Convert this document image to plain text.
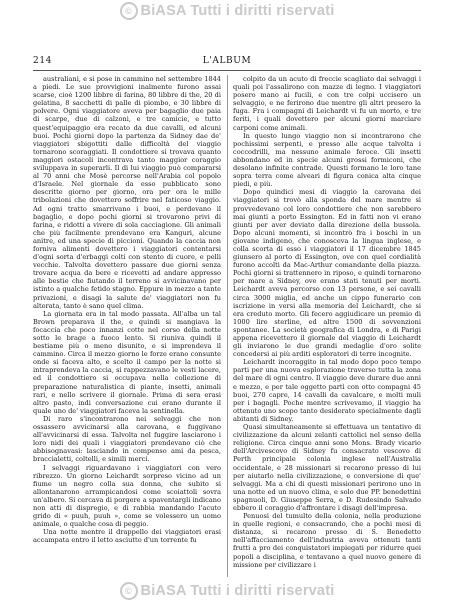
© BiASA Tutti i diritti riservati
214	L'ALBUM

australiani, e si pose in cammino nel settembre 1844 a piedi. Le sue provvigioni inalmente furono assai scarse, cioè 1200 libbre di farina, 80 libbre di the, 20 di gelatina, 8 sacchetti di palle di piombo, e 30 libbre di polvere. Ogni viaggiatore aveva per bagaglio due paia di scarpe, due di calzoni, e tre camicie, e tutto quest'equipaggio era recato da due cavalli, ed alcuni buoi. Pochi giorni dopo la partenza da Sidney dae de' viaggiatori sbigottiti dalle difficoltà del viaggio tornarono scoraggiati. Il condottiere si trovava quanto maggiori ostacoli incontrava tanto maggior coraggio sviluppava in superarli. Il di lui viaggio può compararsi al 70 anni che Mosè percorse nell'Arabia col popolo d'Israele. Nel giornale da esso pubblicato sono descritte giorno per giorno, ora per ora le mille tribolazioni che dovettero soffrire nel faticoso viaggio. Ad ogni tratto smarrivano i buoi, e perdevano il bagaglio, e dopo pochi giorni si trovarono privi di farina, e ridotti a vivere di sola cacciagione. Gli animali che più facilmente prendevano era Kanguri, alcune anitre, ed una specie di piccioni. Quando la caccia non forniva alimenti dovettero i viaggiatori contentarsi d'ogni sorta d'erbaggi colti con stento di cuore, e pelli vecchie. Talvolta dovettero passare due giorni senza trovare acqua da bere e ricevetti ad andare appresso alle bestie che fiutando il terreno si avvicinavano per istinto a qualche fetido stagno. Eppure in mezzo a tante privazioni, e disagi la salute de' viaggiatori non fu alterata, tanto è sano quel clima.

La giornata era in tal modo passata. All'alba un tal Brown preparava il the, e quindi si mangiava la focaccia che poco innanzi cotte nel corso della notte sotto le brage a fuoco lento. Si riuniva quindi il bestiame più o meno disunito, e si imprendeva il cammino. Circa il mezzo giorno le forze erano consunte onde si faceva alto, e scelto il campo per la notte si intraprendeva la caccia, si rappezzavano le vesti lacere, ed il condottiero si occupava nella collezione di preparazione naturalistica di piante, insetti, animali rari, e nello scrivere il giornale. Prima di sera erasi altro pasto, indi conversazione cui erano durante il quale uno de' viaggiatori faceva la sentinella.

Di raro s'incontrarono nei selvaggi che non ossassero avvicinarsi alla carovana, e fuggivano all'avvicinarsi di essa. Talvolta nel fuggire lasciarono i loro nidi dei quali i viaggiatori prendevano ciò che abbisognavasi: lasciando in compenso ami da pesca, braccialetti, coltelli, e simili merci.

I selvaggi riguardavano i viaggiatori con vero ribrezzo. Un giorno Leichardt sorpreso vicino ad un fiume un negro colla sua donna, che subito si allontanarono arrampicandosi come scoiattoli sovra un'albero. Si cercava di porgere a spaventargli indicano non atti di dispregio, e di rabbia mandando l'acuto grido di « puuh, puuh », come se volessero un uomo animale, o qualche cosa di peggio.

Una notte mentre il drappello dei viaggiatori erasi accampata entro il letto asciutto d'un torrente fu

colpito da un acuto di freccie scagliato dai selvaggi i quali poi l'assalirono con mazze di legno. I viaggiatori posero mano ai fucili, e con tre colpi uccisero un selvaggio, e ne ferirono due mentre gli altri presero la fuga. Fra i compagni di Leichardt vi fu un morto, e tre feriti, i quali dovettero per alcuni giorni marciare carponi come animali.

In questo lungo viaggio non si incontrarono che pochissimi serpenti, e presso alle acque talvolta i coccodrilli, ma nessuno animale feroce. Gli insetti abbondano ed in specie alcuni grossi formiconi, che desolano infinite contrade. Questi formano le loro tane sopra terra come alveari di figura conica alta cinque piedi, e più.

Dopo quindici mesi di viaggio la carovana dei viaggiatori si trovò alla sponda del mare mentre si provvedevano col loro condottiere che non sarebbero mai giunti a porto Essington. Ed in fatti non vi erano giunti per aver deviato dalla direzione della bussola. Dopo alcuni momenti, si incontrò fra i boschi in un giovane indigeno, che conosceva la lingua inglese, e colla scorta di esso i viaggiatori il 17 dicembre 1845 giunsero al porto di Essington, ove con quel cordialità furono accolti da Mac-Arthur comandante della piazza. Pochi giorni si trattennero in riposo, e quindi tornarono per mare a Sidney, ove erano stati tenuti per morti. Leichardt aveva percorso con 13 persone, e sei cavalli circa 3000 miglia, ed anche un cippo funerario con iscrizione in versi alla memoria del Leichardt, che si era creduto morto. Gli fecero aggiudicare un premio di 1000 lire sterline, ed altre 1500 di sovvenzioni spontanee. La società geografica di Londra, e di Parigi appena ricevettero il giornale del viaggio di Leichardt gli inviarono le due grandi medaglie d'oro solite concedersi ai più arditi esploratori di terre incognite.

Leichardt incoraggito in tal modo dopo poco tempo parti per una nuova esplorazione traverso tutta la zona del mare di ogni centro. Il viaggio deve durare due anni e mezzo, e per tale oggetto partì con otto compagni 45 buoi, 270 capre, 14 cavalli da cavalcare, e molti muli per i bagagli. Poche mentre scrivevamo, il viaggio ha ottenuto uno scopo tanto desiderato specialmente dagli abitanti di Sidney.

Quasi simultaneamente si effettuava un tentativo di civilizzazione da alcuni zelanti cattolici nel senso della religione. Circa cinque anni sono Mons. Brady vicario dell'Arcivescovo di Sidney fu consacrato vescovo di Perth principale colonia inglese nell'Australia occidentale, e 28 missionari si recarono presso di lui per aiutarlo nella civilizzazione, e conversione di que' selvaggi. Ma a chi di questi missionari perirono uno in una notte ed un nuovo clima, e solo due PP. benedettini spagnuoli, D. Giuseppe Serra, e D. Rudesindo Salvado ebbero il coraggio d'affrontare i disagi dell'impresa.

Penuosi del tumulto della colonia, nella produzione in quelle regioni, e consacrando, che a pochi mesi di distanza, si recarono presso di S. Benedetto nell'affacciamento dell'industria aveva ottenuti tanti frutti a pro dei conquistatori impiegati per ridurre quei popoli a disciplina, e tentavano a quel nuovo genere di missione per civilizzare i

© BiASA Tutti i diritti riservati
